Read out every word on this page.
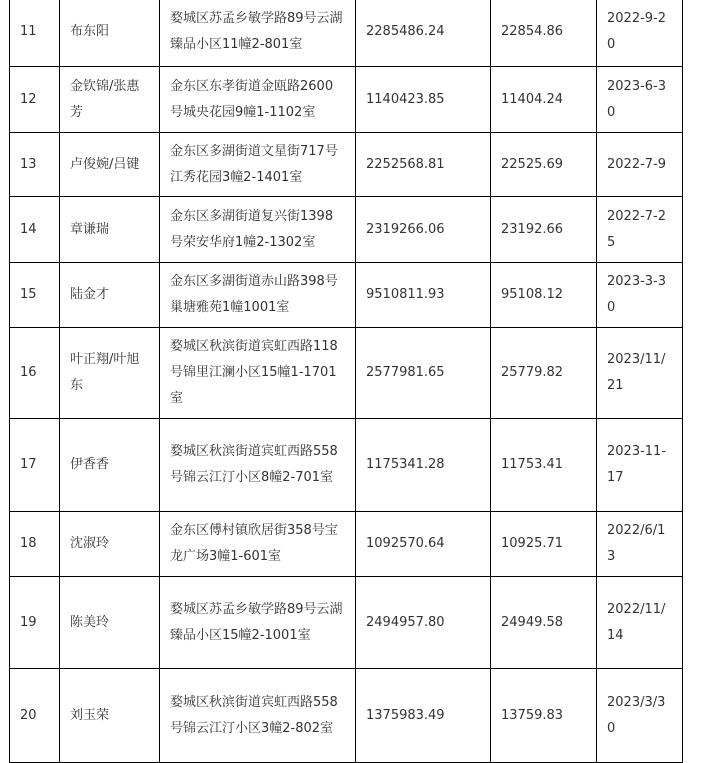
11	布东阳	婺城区苏孟乡敏学路89号云湖臻品小区11幢2-801室	2285486.24	22854.86	2022-9-20
12	金钦锦/张惠芳	金东区东孝街道金瓯路2600号城央花园9幢1-1102室	1140423.85	11404.24	2023-6-30
13	卢俊婉/吕键	金东区多湖街道文星街717号江秀花园3幢2-1401室	2252568.81	22525.69	2022-7-9
14	章谦瑞	金东区多湖街道复兴街1398号荣安华府1幢2-1302室	2319266.06	23192.66	2022-7-25
15	陆金才	金东区多湖街道赤山路398号巢塘雅苑1幢1001室	9510811.93	95108.12	2023-3-30
16	叶正翔/叶旭东	婺城区秋滨街道宾虹西路118号锦里江澜小区15幢1-1701室	2577981.65	25779.82	2023/11/21
17	伊香香	婺城区秋滨街道宾虹西路558号锦云江汀小区8幢2-701室	1175341.28	11753.41	2023-11-17
18	沈淑玲	金东区傅村镇欣居街358号宝龙广场3幢1-601室	1092570.64	10925.71	2022/6/13
19	陈美玲	婺城区苏孟乡敏学路89号云湖臻品小区15幢2-1001室	2494957.80	24949.58	2022/11/14
20	刘玉荣	婺城区秋滨街道宾虹西路558号锦云江汀小区3幢2-802室	1375983.49	13759.83	2023/3/30
